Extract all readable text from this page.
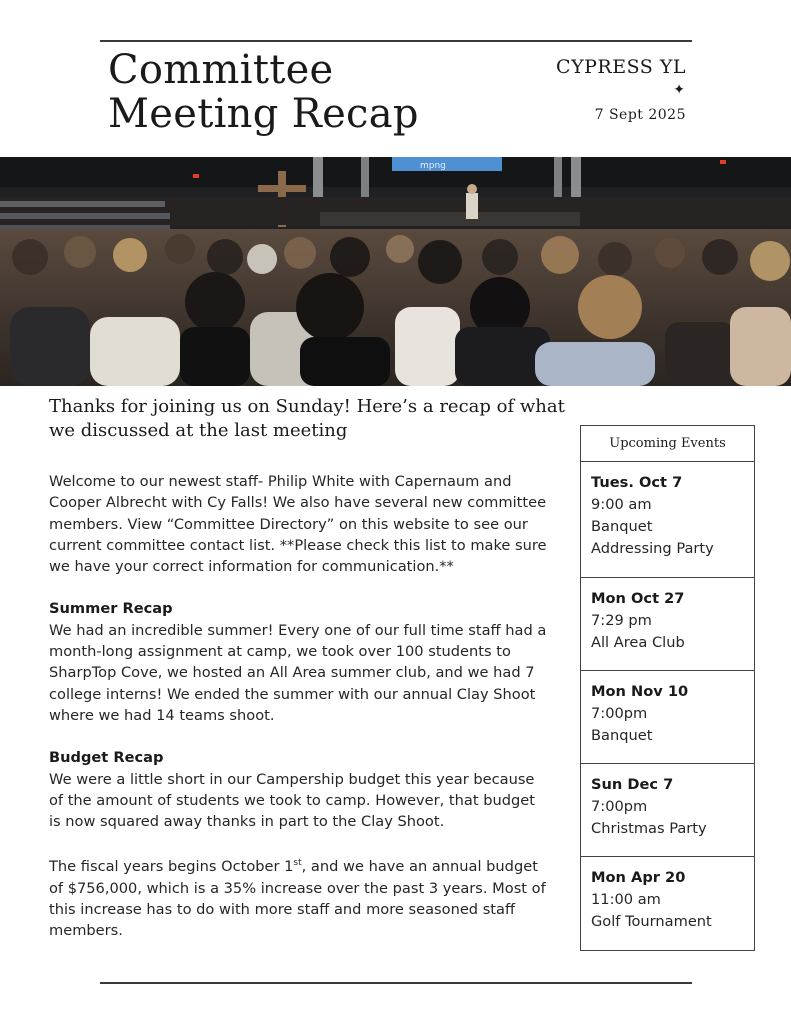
Committee
Meeting Recap
CYPRESS YL
✦
7 Sept 2025
mpng
Thanks for joining us on Sunday! Here’s a recap of what we discussed at the last meeting

Welcome to our newest staff- Philip White with Capernaum and Cooper Albrecht with Cy Falls! We also have several new committee members. View “Committee Directory” on this website to see our current committee contact list. **Please check this list to make sure we have your correct information for communication.**

Summer Recap

We had an incredible summer! Every one of our full time staff had a month-long assignment at camp, we took over 100 students to SharpTop Cove, we hosted an All Area summer club, and we had 7 college interns! We ended the summer with our annual Clay Shoot where we had 14 teams shoot.

Budget Recap

We were a little short in our Campership budget this year because of the amount of students we took to camp. However, that budget is now squared away thanks in part to the Clay Shoot.

The fiscal years begins October 1st, and we have an annual budget of $756,000, which is a 35% increase over the past 3 years. Most of this increase has to do with more staff and more seasoned staff members.

Upcoming Events
Tues. Oct 7
9:00 am
Banquet
Addressing Party
Mon Oct 27
7:29 pm
All Area Club
Mon Nov 10
7:00pm
Banquet
Sun Dec 7
7:00pm
Christmas Party
Mon Apr 20
11:00 am
Golf Tournament
